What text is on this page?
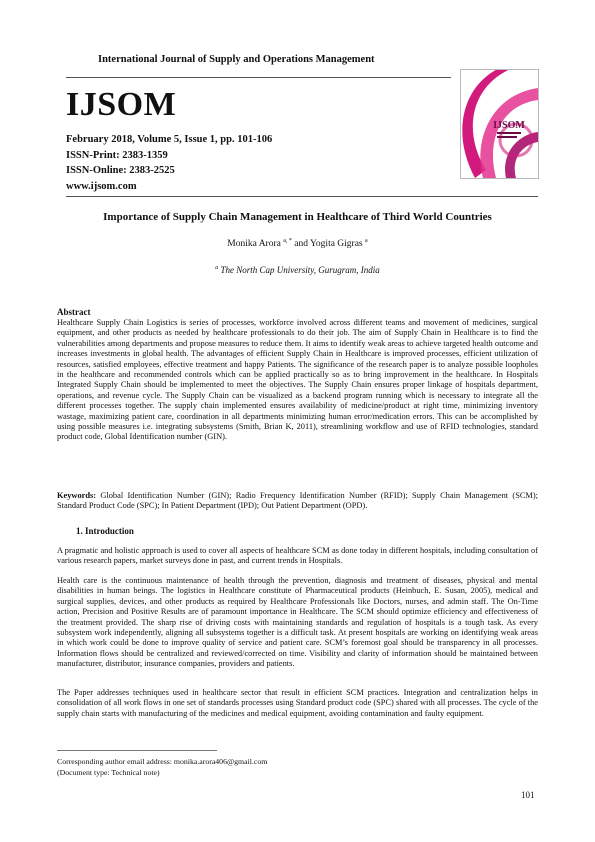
International Journal of Supply and Operations Management
IJSOM
February 2018, Volume 5, Issue 1, pp. 101-106
ISSN-Print: 2383-1359
ISSN-Online: 2383-2525
www.ijsom.com
IJSOM
Importance of Supply Chain Management in Healthcare of Third World Countries
Monika Arora $^{a, *}$ and Yogita Gigras $^a$
$^a$ The North Cap University, Gurugram, India
Abstract
Healthcare Supply Chain Logistics is series of processes, workforce involved across different teams and movement of medicines, surgical equipment, and other products as needed by healthcare professionals to do their job. The aim of Supply Chain in Healthcare is to find the vulnerabilities among departments and propose measures to reduce them. It aims to identify weak areas to achieve targeted health outcome and increases investments in global health. The advantages of efficient Supply Chain in Healthcare is improved processes, efficient utilization of resources, satisfied employees, effective treatment and happy Patients. The significance of the research paper is to analyze possible loopholes in the healthcare and recommended controls which can be applied practically so as to bring improvement in the healthcare. In Hospitals Integrated Supply Chain should be implemented to meet the objectives. The Supply Chain ensures proper linkage of hospitals department, operations, and revenue cycle. The Supply Chain can be visualized as a backend program running which is necessary to integrate all the different processes together. The supply chain implemented ensures availability of medicine/product at right time, minimizing inventory wastage, maximizing patient care, coordination in all departments minimizing human error/medication errors. This can be accomplished by using possible measures i.e. integrating subsystems (Smith, Brian K, 2011), streamlining workflow and use of RFID technologies, standard product code, Global Identification number (GIN).
Keywords: Global Identification Number (GIN); Radio Frequency Identification Number (RFID); Supply Chain Management (SCM); Standard Product Code (SPC); In Patient Department (IPD); Out Patient Department (OPD).
1. Introduction
A pragmatic and holistic approach is used to cover all aspects of healthcare SCM as done today in different hospitals, including consultation of various research papers, market surveys done in past, and current trends in Hospitals.
Health care is the continuous maintenance of health through the prevention, diagnosis and treatment of diseases, physical and mental disabilities in human beings. The logistics in Healthcare constitute of Pharmaceutical products (Heinbuch, E. Susan, 2005), medical and surgical supplies, devices, and other products as required by Healthcare Professionals like Doctors, nurses, and admin staff. The On-Time action, Precision and Positive Results are of paramount importance in Healthcare. The SCM should optimize efficiency and effectiveness of the treatment provided. The sharp rise of driving costs with maintaining standards and regulation of hospitals is a tough task. As every subsystem work independently, aligning all subsystems together is a difficult task. At present hospitals are working on identifying weak areas in which work could be done to improve quality of service and patient care. SCM’s foremost goal should be transparency in all processes. Information flows should be centralized and reviewed/corrected on time. Visibility and clarity of information should be maintained between manufacturer, distributor, insurance companies, providers and patients.
The Paper addresses techniques used in healthcare sector that result in efficient SCM practices. Integration and centralization helps in consolidation of all work flows in one set of standards processes using Standard product code (SPC) shared with all processes. The cycle of the supply chain starts with manufacturing of the medicines and medical equipment, avoiding contamination and faulty equipment.
Corresponding author email address: monika.arora406@gmail.com
(Document type: Technical note)
101
